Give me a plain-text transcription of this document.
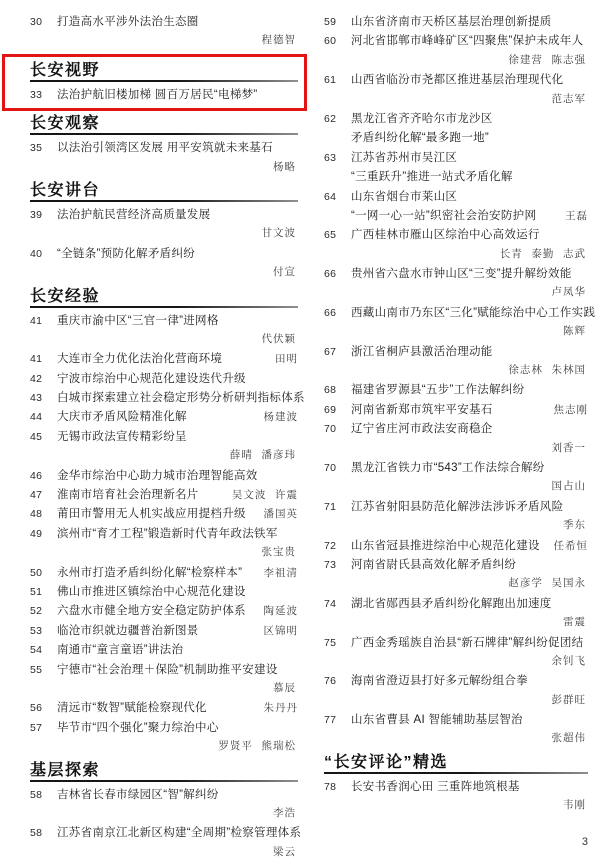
30	打造高水平涉外法治生态圈
程德智
长安视野
33	法治护航旧楼加梯 圆百万居民“电梯梦”
长安观察
35	以法治引领湾区发展 用平安筑就未来基石
杨略
长安讲台
39	法治护航民营经济高质量发展
甘文波
40	“全链条”预防化解矛盾纠纷
付宣
长安经验
41	重庆市渝中区“三官一律”进网格
代伏颖
41	大连市全力优化法治化营商环境	田明
42	宁波市综治中心规范化建设迭代升级
43	白城市探索建立社会稳定形势分析研判指标体系
44	大庆市矛盾风险精准化解	杨建波
45	无锡市政法宣传精彩纷呈
薛晴 潘彦玮
46	金华市综治中心助力城市治理智能高效
47	淮南市培育社会治理新名片	吴文波 许震
48	莆田市警用无人机实战应用提档升级	潘国英
49	滨州市“育才工程”锻造新时代青年政法铁军
张宝贵
50	永州市打造矛盾纠纷化解“检察样本”	李祖清
51	佛山市推进区镇综治中心规范化建设
52	六盘水市健全地方安全稳定防护体系	陶延波
53	临沧市织就边疆普治新图景	区锦明
54	南通市“童言童语”讲法治
55	宁德市“社会治理＋保险”机制助推平安建设
慕辰
56	清远市“数智”赋能检察现代化	朱丹丹
57	毕节市“四个强化”聚力综治中心
罗贤平 熊瑞松
基层探索
58	吉林省长春市绿园区“智”解纠纷
李浩
58	江苏省南京江北新区构建“全周期”检察管理体系
梁云
59	山东省济南市天桥区基层治理创新提质
60	河北省邯郸市峰峰矿区“四聚焦”保护未成年人
徐建营 陈志强
61	山西省临汾市尧都区推进基层治理现代化
范志军
62	黑龙江省齐齐哈尔市龙沙区
矛盾纠纷化解“最多跑一地”
63	江苏省苏州市吴江区
“三重跃升”推进一站式矛盾化解
64	山东省烟台市莱山区
“一网一心一站”织密社会治安防护网	王磊
65	广西桂林市雁山区综治中心高效运行
长青 泰勤 志武
66	贵州省六盘水市钟山区“三变”提升解纷效能
卢凤华
66	西藏山南市乃东区“三化”赋能综治中心工作实践
陈辉
67	浙江省桐庐县激活治理动能
徐志林 朱林国
68	福建省罗源县“五步”工作法解纠纷
69	河南省新郑市筑牢平安基石	焦志刚
70	辽宁省庄河市政法安商稳企
刘香一
70	黑龙江省铁力市“543”工作法综合解纷
国占山
71	江苏省射阳县防范化解涉法涉诉矛盾风险
季东
72	山东省冠县推进综治中心规范化建设	任希恒
73	河南省尉氏县高效化解矛盾纠纷
赵彦学 吴国永
74	湖北省郧西县矛盾纠纷化解跑出加速度
雷震
75	广西金秀瑶族自治县“新石牌律”解纠纷促团结
余钊飞
76	海南省澄迈县打好多元解纷组合拳
彭群旺
77	山东省曹县 AI 智能辅助基层智治
张超伟
“长安评论”精选
78	长安书香润心田 三重阵地筑根基
韦刚
3
